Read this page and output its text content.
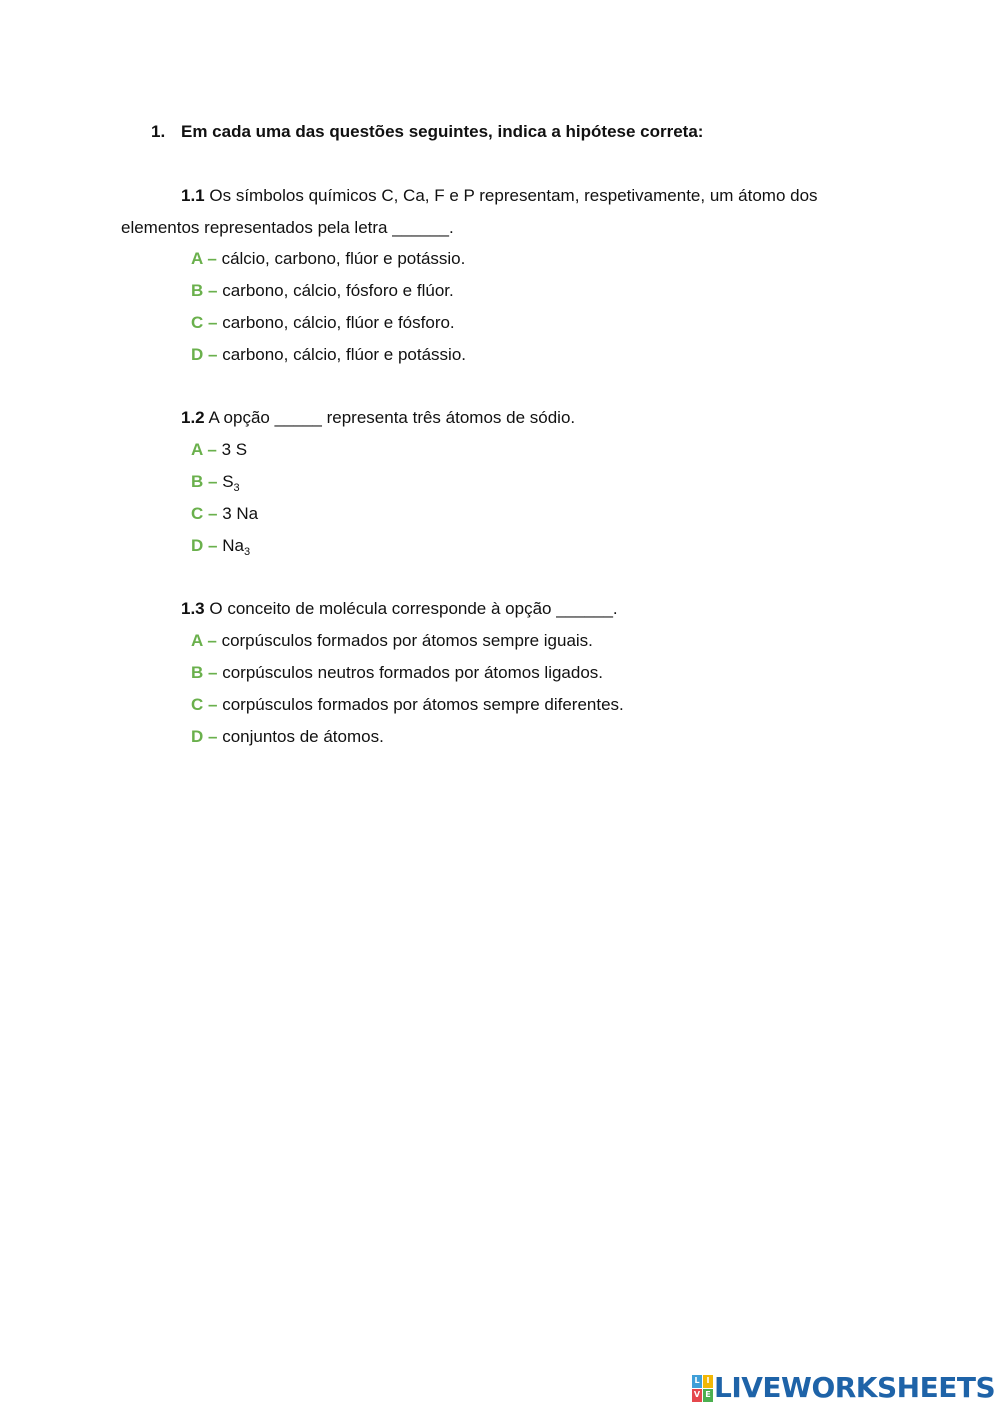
1. Em cada uma das questões seguintes, indica a hipótese correta:
1.1 Os símbolos químicos C, Ca, F e P representam, respetivamente, um átomo dos elementos representados pela letra ______.
A – cálcio, carbono, flúor e potássio.
B – carbono, cálcio, fósforo e flúor.
C – carbono, cálcio, flúor e fósforo.
D – carbono, cálcio, flúor e potássio.
1.2 A opção _____ representa três átomos de sódio.
A – 3 S
B – $S_3$
C – 3 Na
D – $Na_3$
1.3 O conceito de molécula corresponde à opção ______.
A – corpúsculos formados por átomos sempre iguais.
B – corpúsculos neutros formados por átomos ligados.
C – corpúsculos formados por átomos sempre diferentes.
D – conjuntos de átomos.
L I
V E LIVEWORKSHEETS
